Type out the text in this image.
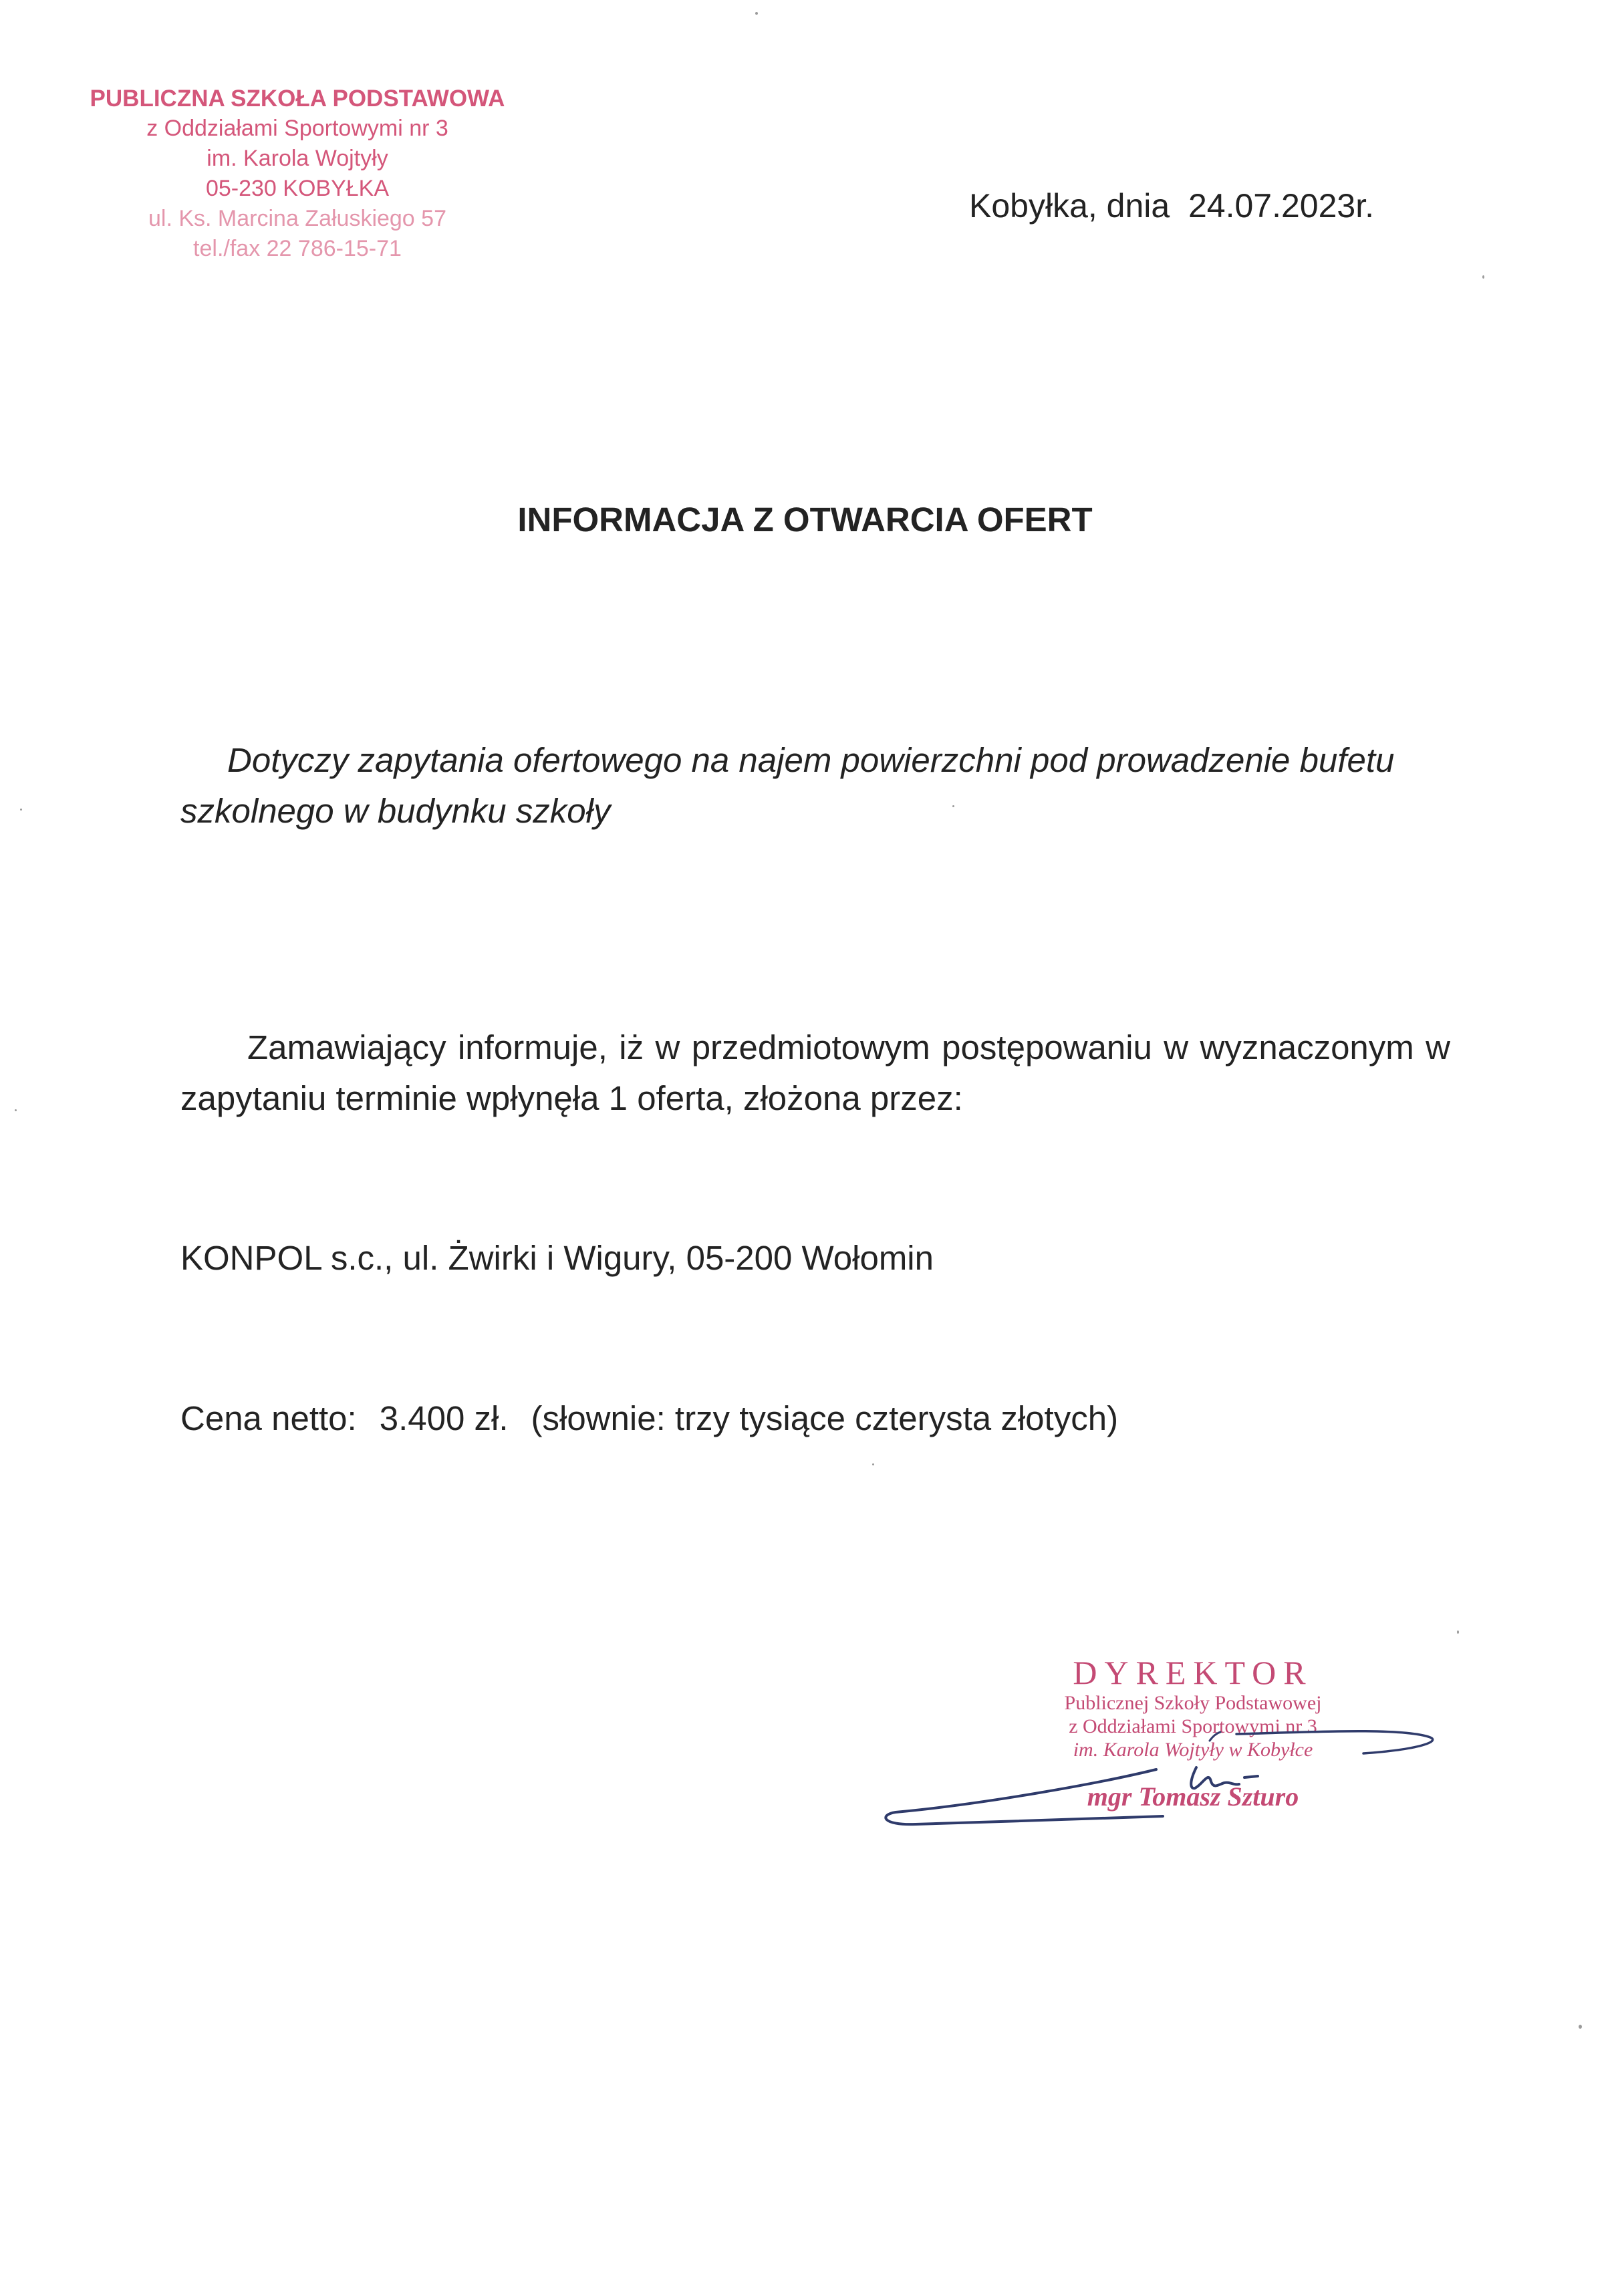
PUBLICZNA SZKOŁA PODSTAWOWA
z Oddziałami Sportowymi nr 3
im. Karola Wojtyły
05-230 KOBYŁKA
ul. Ks. Marcina Załuskiego 57
tel./fax 22 786-15-71
Kobyłka, dnia  24.07.2023r.
INFORMACJA Z OTWARCIA OFERT
Dotyczy zapytania ofertowego na najem powierzchni pod prowadzenie bufetu szkolnego w budynku szkoły
Zamawiający informuje, iż w przedmiotowym postępowaniu w wyznaczonym w zapytaniu terminie wpłynęła 1 oferta, złożona przez:
KONPOL s.c., ul. Żwirki i Wigury, 05-200 Wołomin
Cena netto: 3.400 zł. (słownie: trzy tysiące czterysta złotych)
DYREKTOR
Publicznej Szkoły Podstawowej
z Oddziałami Sportowymi nr 3
im. Karola Wojtyły w Kobyłce
mgr Tomasz Szturo
